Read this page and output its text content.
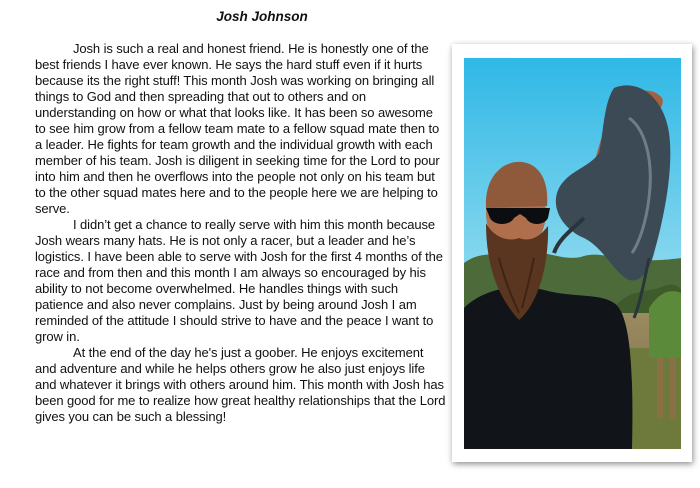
Josh Johnson

Josh is such a real and honest friend. He is honestly one of the best friends I have ever known. He says the hard stuff even if it hurts because its the right stuff! This month Josh was working on bringing all things to God and then spreading that out to others and on understanding on how or what that looks like. It has been so awesome to see him grow from a fellow team mate to a fellow squad mate then to a leader. He fights for team growth and the individual growth with each member of his team. Josh is diligent in seeking time for the Lord to pour into him and then he overflows into the people not only on his team but to the other squad mates here and to the people here we are helping to serve.

I didn’t get a chance to really serve with him this month because Josh wears many hats. He is not only a racer, but a leader and he’s logistics. I have been able to serve with Josh for the first 4 months of the race and from then and this month I am always so encouraged by his ability to not become overwhelmed. He handles things with such patience and also never complains. Just by being around Josh I am reminded of the attitude I should strive to have and the peace I want to grow in.

At the end of the day he's just a goober. He enjoys excitement and adventure and while he helps others grow he also just enjoys life and whatever it brings with others around him. This month with Josh has been good for me to realize how great healthy relationships that the Lord gives you can be such a blessing!
